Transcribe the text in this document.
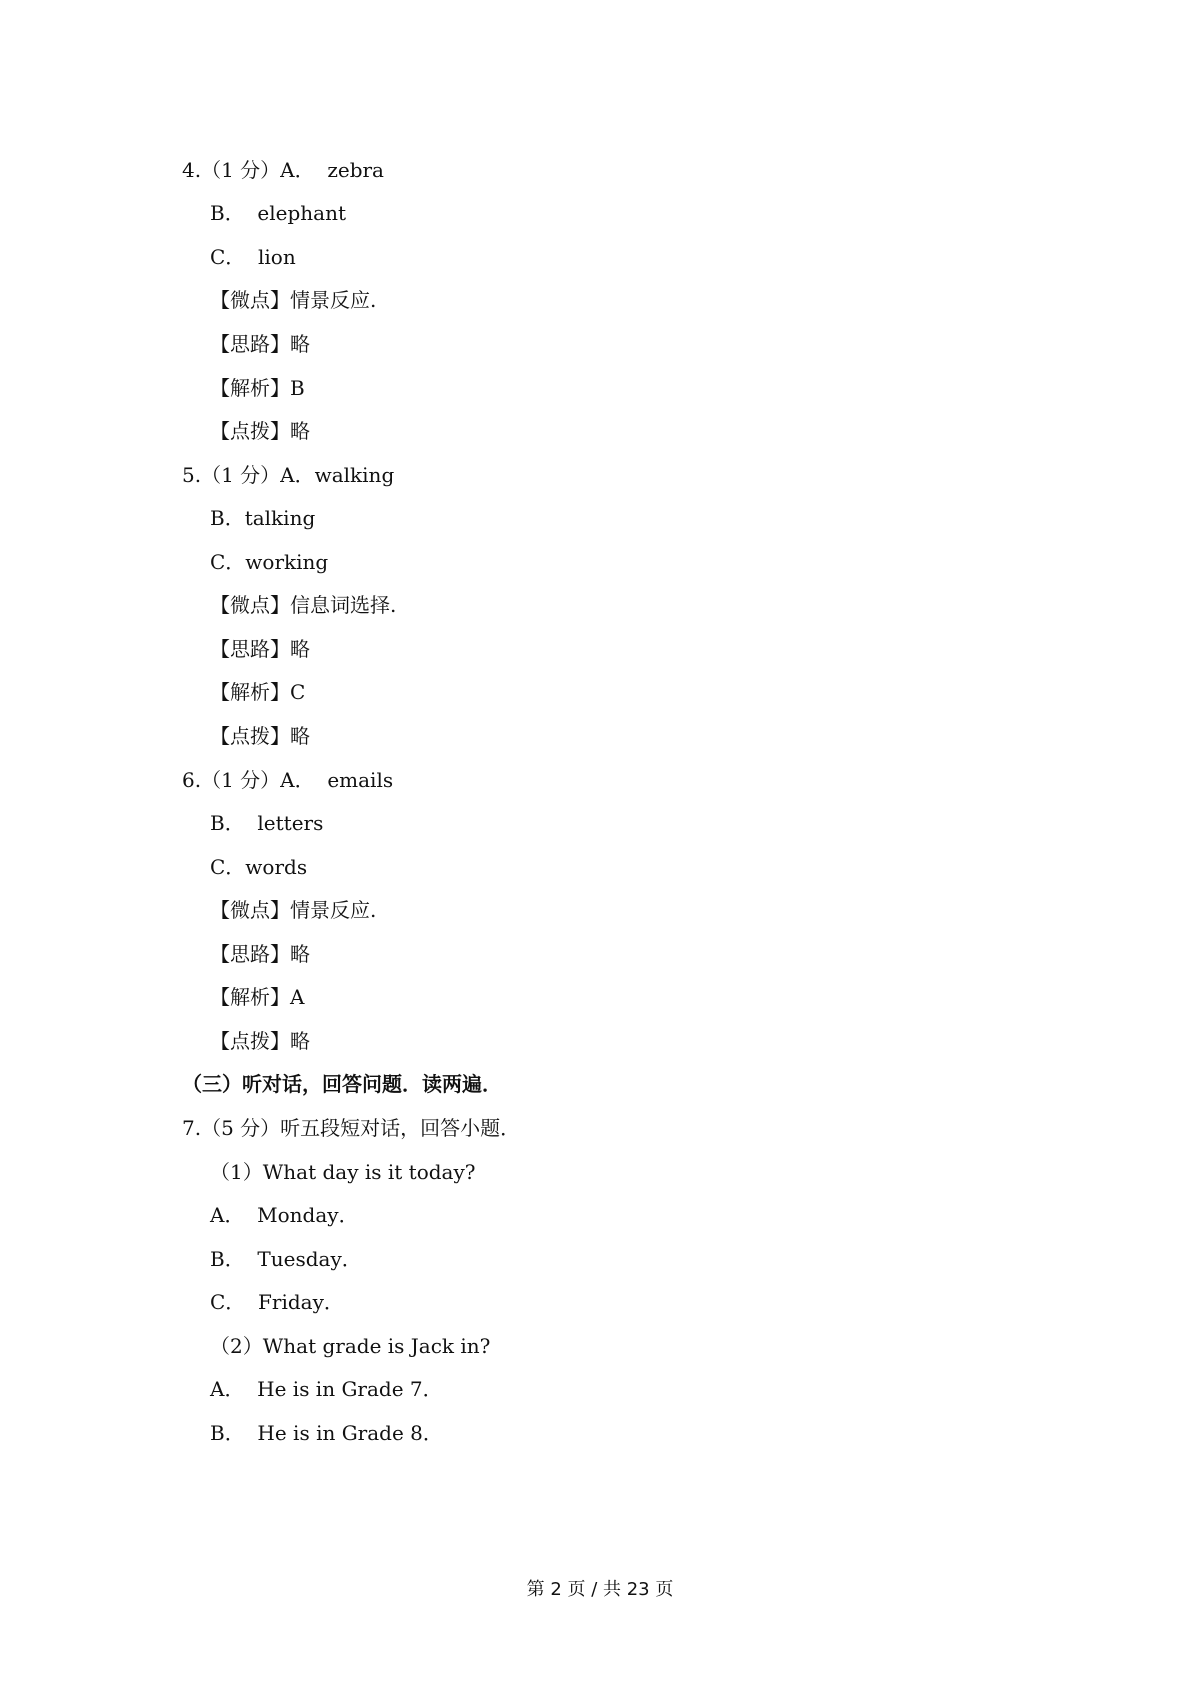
4.（1 分）A．  zebra
B．  elephant
C．  lion
【微点】情景反应.
【思路】略
【解析】B
【点拨】略
5.（1 分）A．walking
B．talking
C．working
【微点】信息词选择.
【思路】略
【解析】C
【点拨】略
6.（1 分）A．  emails
B．  letters
C．words
【微点】情景反应.
【思路】略
【解析】A
【点拨】略
（三）听对话，回答问题．读两遍．
7.（5 分）听五段短对话，回答小题．
（1）What day is it today?
A．  Monday．
B．  Tuesday．
C．  Friday．
（2）What grade is Jack in?
A．  He is in Grade 7．
B．  He is in Grade 8．
第 2 页 / 共 23 页
